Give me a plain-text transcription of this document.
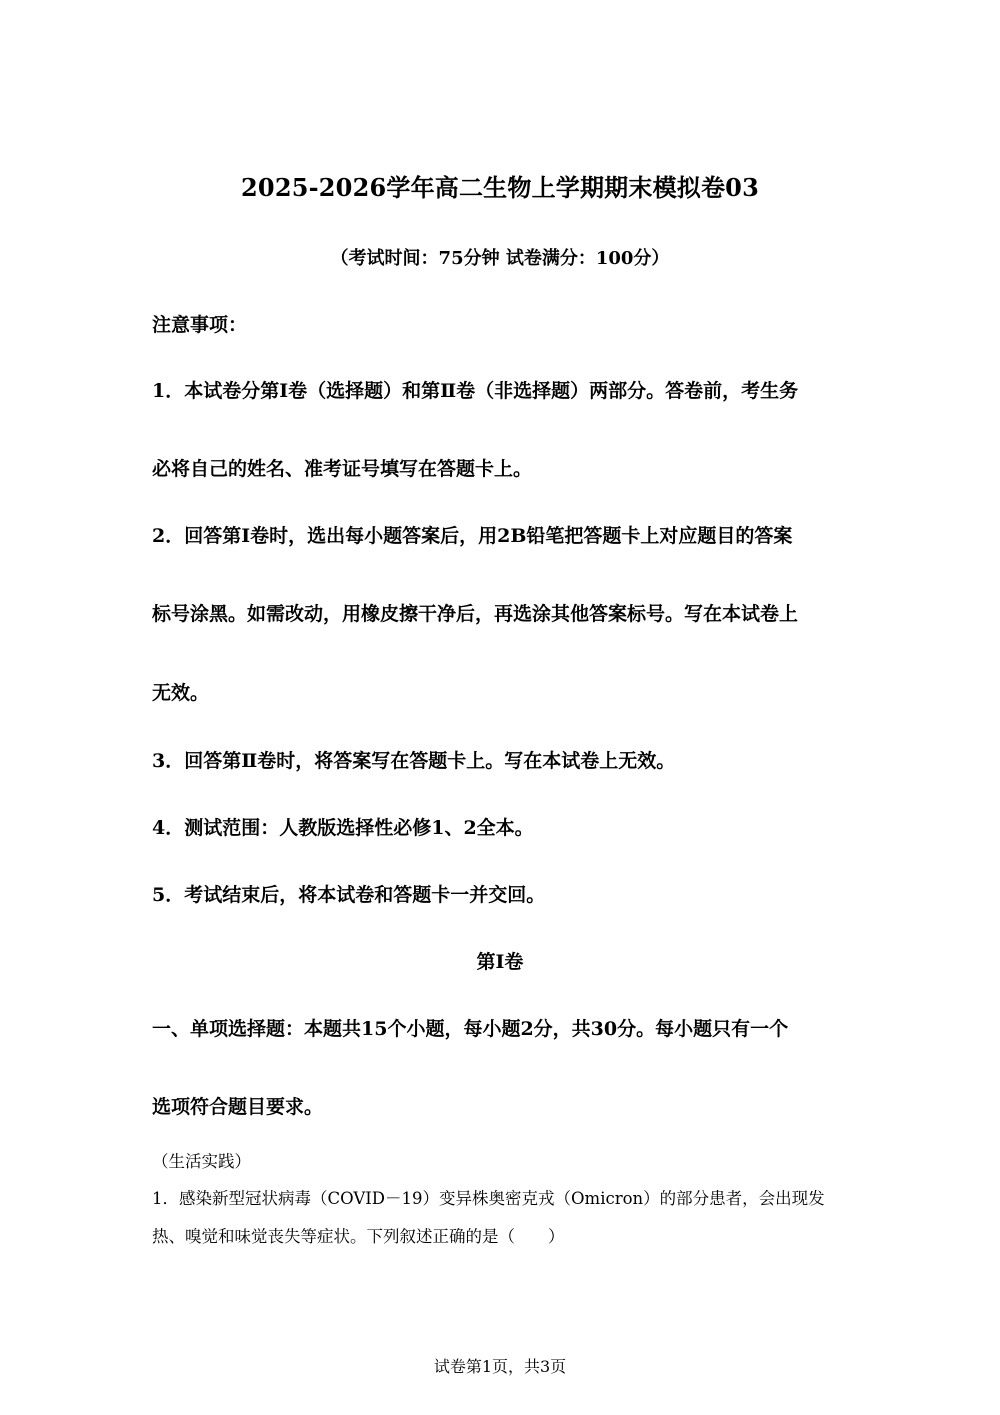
2025-2026学年高二生物上学期期末模拟卷03
（考试时间：75分钟 试卷满分：100分）
注意事项：
1．本试卷分第Ⅰ卷（选择题）和第Ⅱ卷（非选择题）两部分。答卷前，考生务
必将自己的姓名、准考证号填写在答题卡上。
2．回答第Ⅰ卷时，选出每小题答案后，用2B铅笔把答题卡上对应题目的答案
标号涂黑。如需改动，用橡皮擦干净后，再选涂其他答案标号。写在本试卷上
无效。
3．回答第Ⅱ卷时，将答案写在答题卡上。写在本试卷上无效。
4．测试范围：人教版选择性必修1、2全本。
5．考试结束后，将本试卷和答题卡一并交回。
第Ⅰ卷
一、单项选择题：本题共15个小题，每小题2分，共30分。每小题只有一个
选项符合题目要求。
（生活实践）
1．感染新型冠状病毒（COVID－19）变异株奥密克戎（Omicron）的部分患者，会出现发
热、嗅觉和味觉丧失等症状。下列叙述正确的是（　　）
试卷第1页，共3页
